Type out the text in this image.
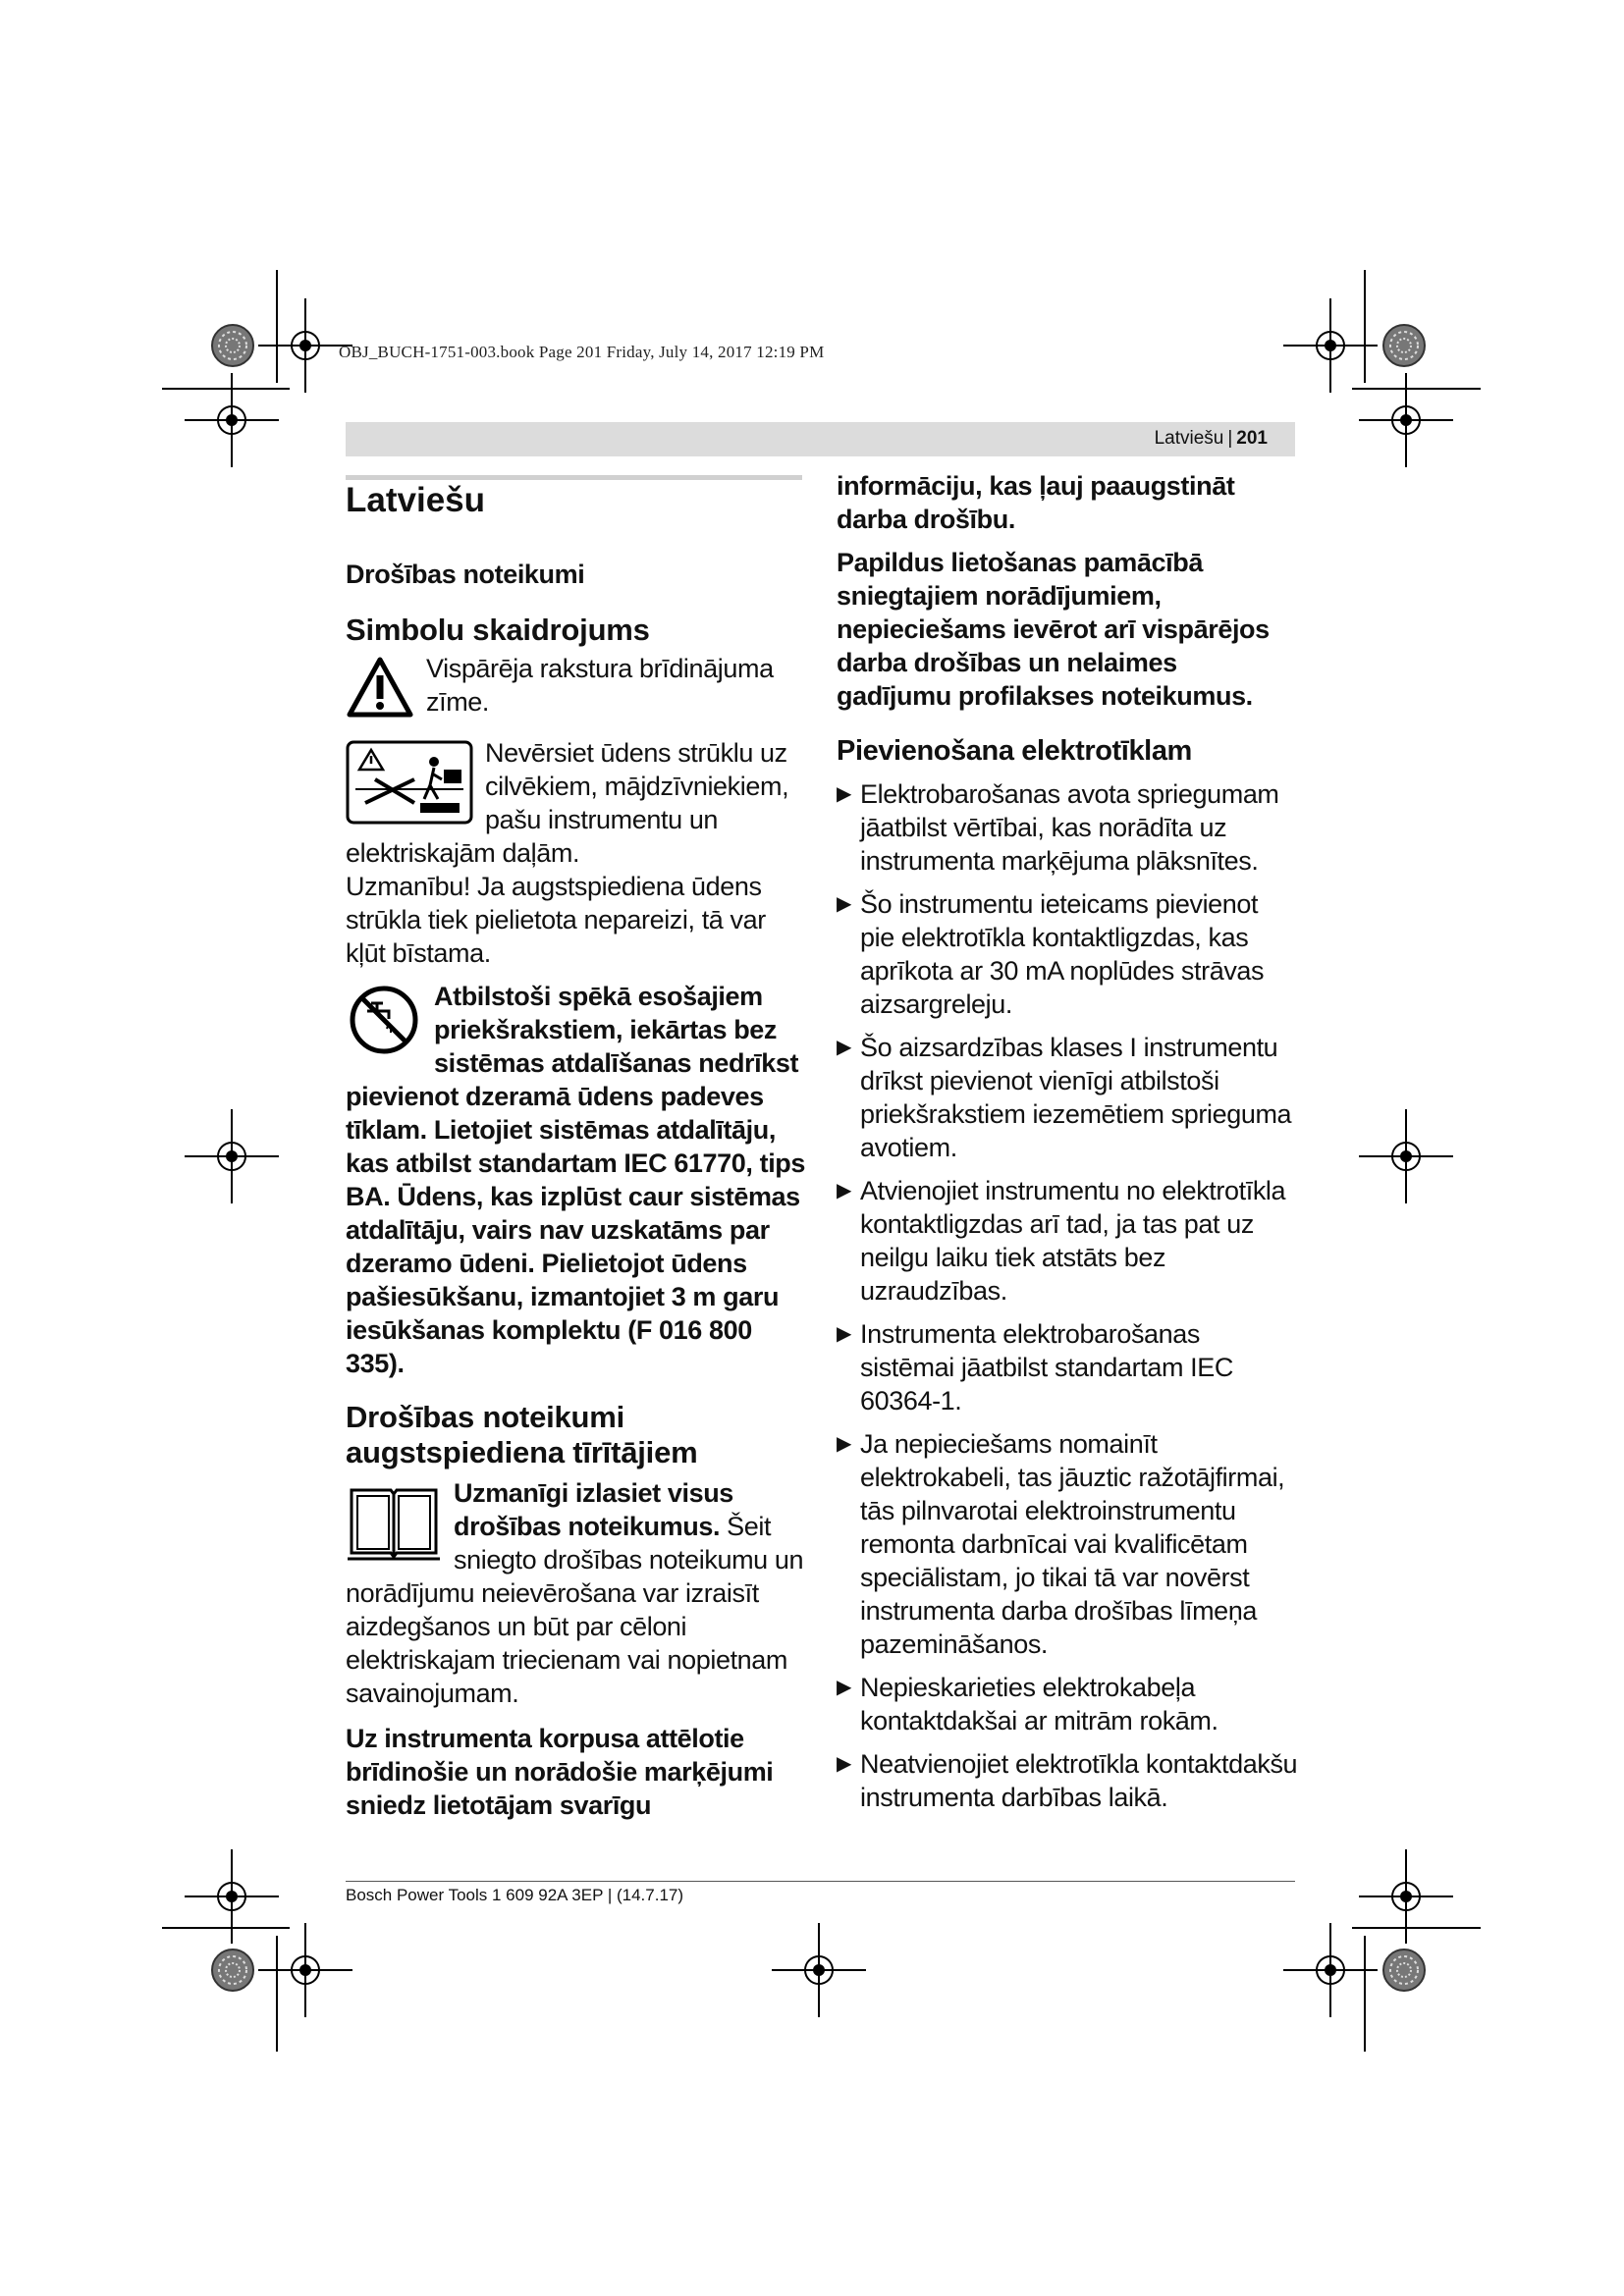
OBJ_BUCH-1751-003.book Page 201 Friday, July 14, 2017 12:19 PM
Latviešu | 201
Latviešu
Drošības noteikumi
Simbolu skaidrojums
Vispārēja rakstura brīdinājuma zīme.
Nevērsiet ūdens strūklu uz cilvēkiem, mājdzīvniekiem, pašu instrumentu un elektriskajām daļām.
Uzmanību! Ja augstspiediena ūdens strūkla tiek pielietota nepareizi, tā var kļūt bīstama.
Atbilstoši spēkā esošajiem priekšrakstiem, iekārtas bez sistēmas atdalīšanas nedrīkst pievienot dzeramā ūdens padeves tīklam. Lietojiet sistēmas atdalītāju, kas atbilst standartam IEC 61770, tips BA. Ūdens, kas izplūst caur sistēmas atdalītāju, vairs nav uzskatāms par dzeramo ūdeni. Pielietojot ūdens pašiesūkšanu, izmantojiet 3 m garu iesūkšanas komplektu (F 016 800 335).
Drošības noteikumi augstspiediena tīrītājiem
Uzmanīgi izlasiet visus drošības noteikumus. Šeit sniegto drošības noteikumu un norādījumu neievērošana var izraisīt aizdegšanos un būt par cēloni elektriskajam triecienam vai nopietnam savainojumam.
Uz instrumenta korpusa attēlotie brīdinošie un norādošie marķējumi sniedz lietotājam svarīgu
informāciju, kas ļauj paaugstināt darba drošību.
Papildus lietošanas pamācībā sniegtajiem norādījumiem, nepieciešams ievērot arī vispārējos darba drošības un nelaimes gadījumu profilakses noteikumus.
Pievienošana elektrotīklam
▶ Elektrobarošanas avota spriegumam jāatbilst vērtībai, kas norādīta uz instrumenta marķējuma plāksnītes.
▶ Šo instrumentu ieteicams pievienot pie elektrotīkla kontaktligzdas, kas aprīkota ar 30 mA noplūdes strāvas aizsargreleju.
▶ Šo aizsardzības klases I instrumentu drīkst pievienot vienīgi atbilstoši priekšrakstiem iezemētiem sprieguma avotiem.
▶ Atvienojiet instrumentu no elektrotīkla kontaktligzdas arī tad, ja tas pat uz neilgu laiku tiek atstāts bez uzraudzības.
▶ Instrumenta elektrobarošanas sistēmai jāatbilst standartam IEC 60364-1.
▶ Ja nepieciešams nomainīt elektrokabeli, tas jāuztic ražotājfirmai, tās pilnvarotai elektroinstrumentu remonta darbnīcai vai kvalificētam speciālistam, jo tikai tā var novērst instrumenta darba drošības līmeņa pazemināšanos.
▶ Nepieskarieties elektrokabeļa kontaktdakšai ar mitrām rokām.
▶ Neatvienojiet elektrotīkla kontaktdakšu instrumenta darbības laikā.
Bosch Power Tools 1 609 92A 3EP | (14.7.17)
